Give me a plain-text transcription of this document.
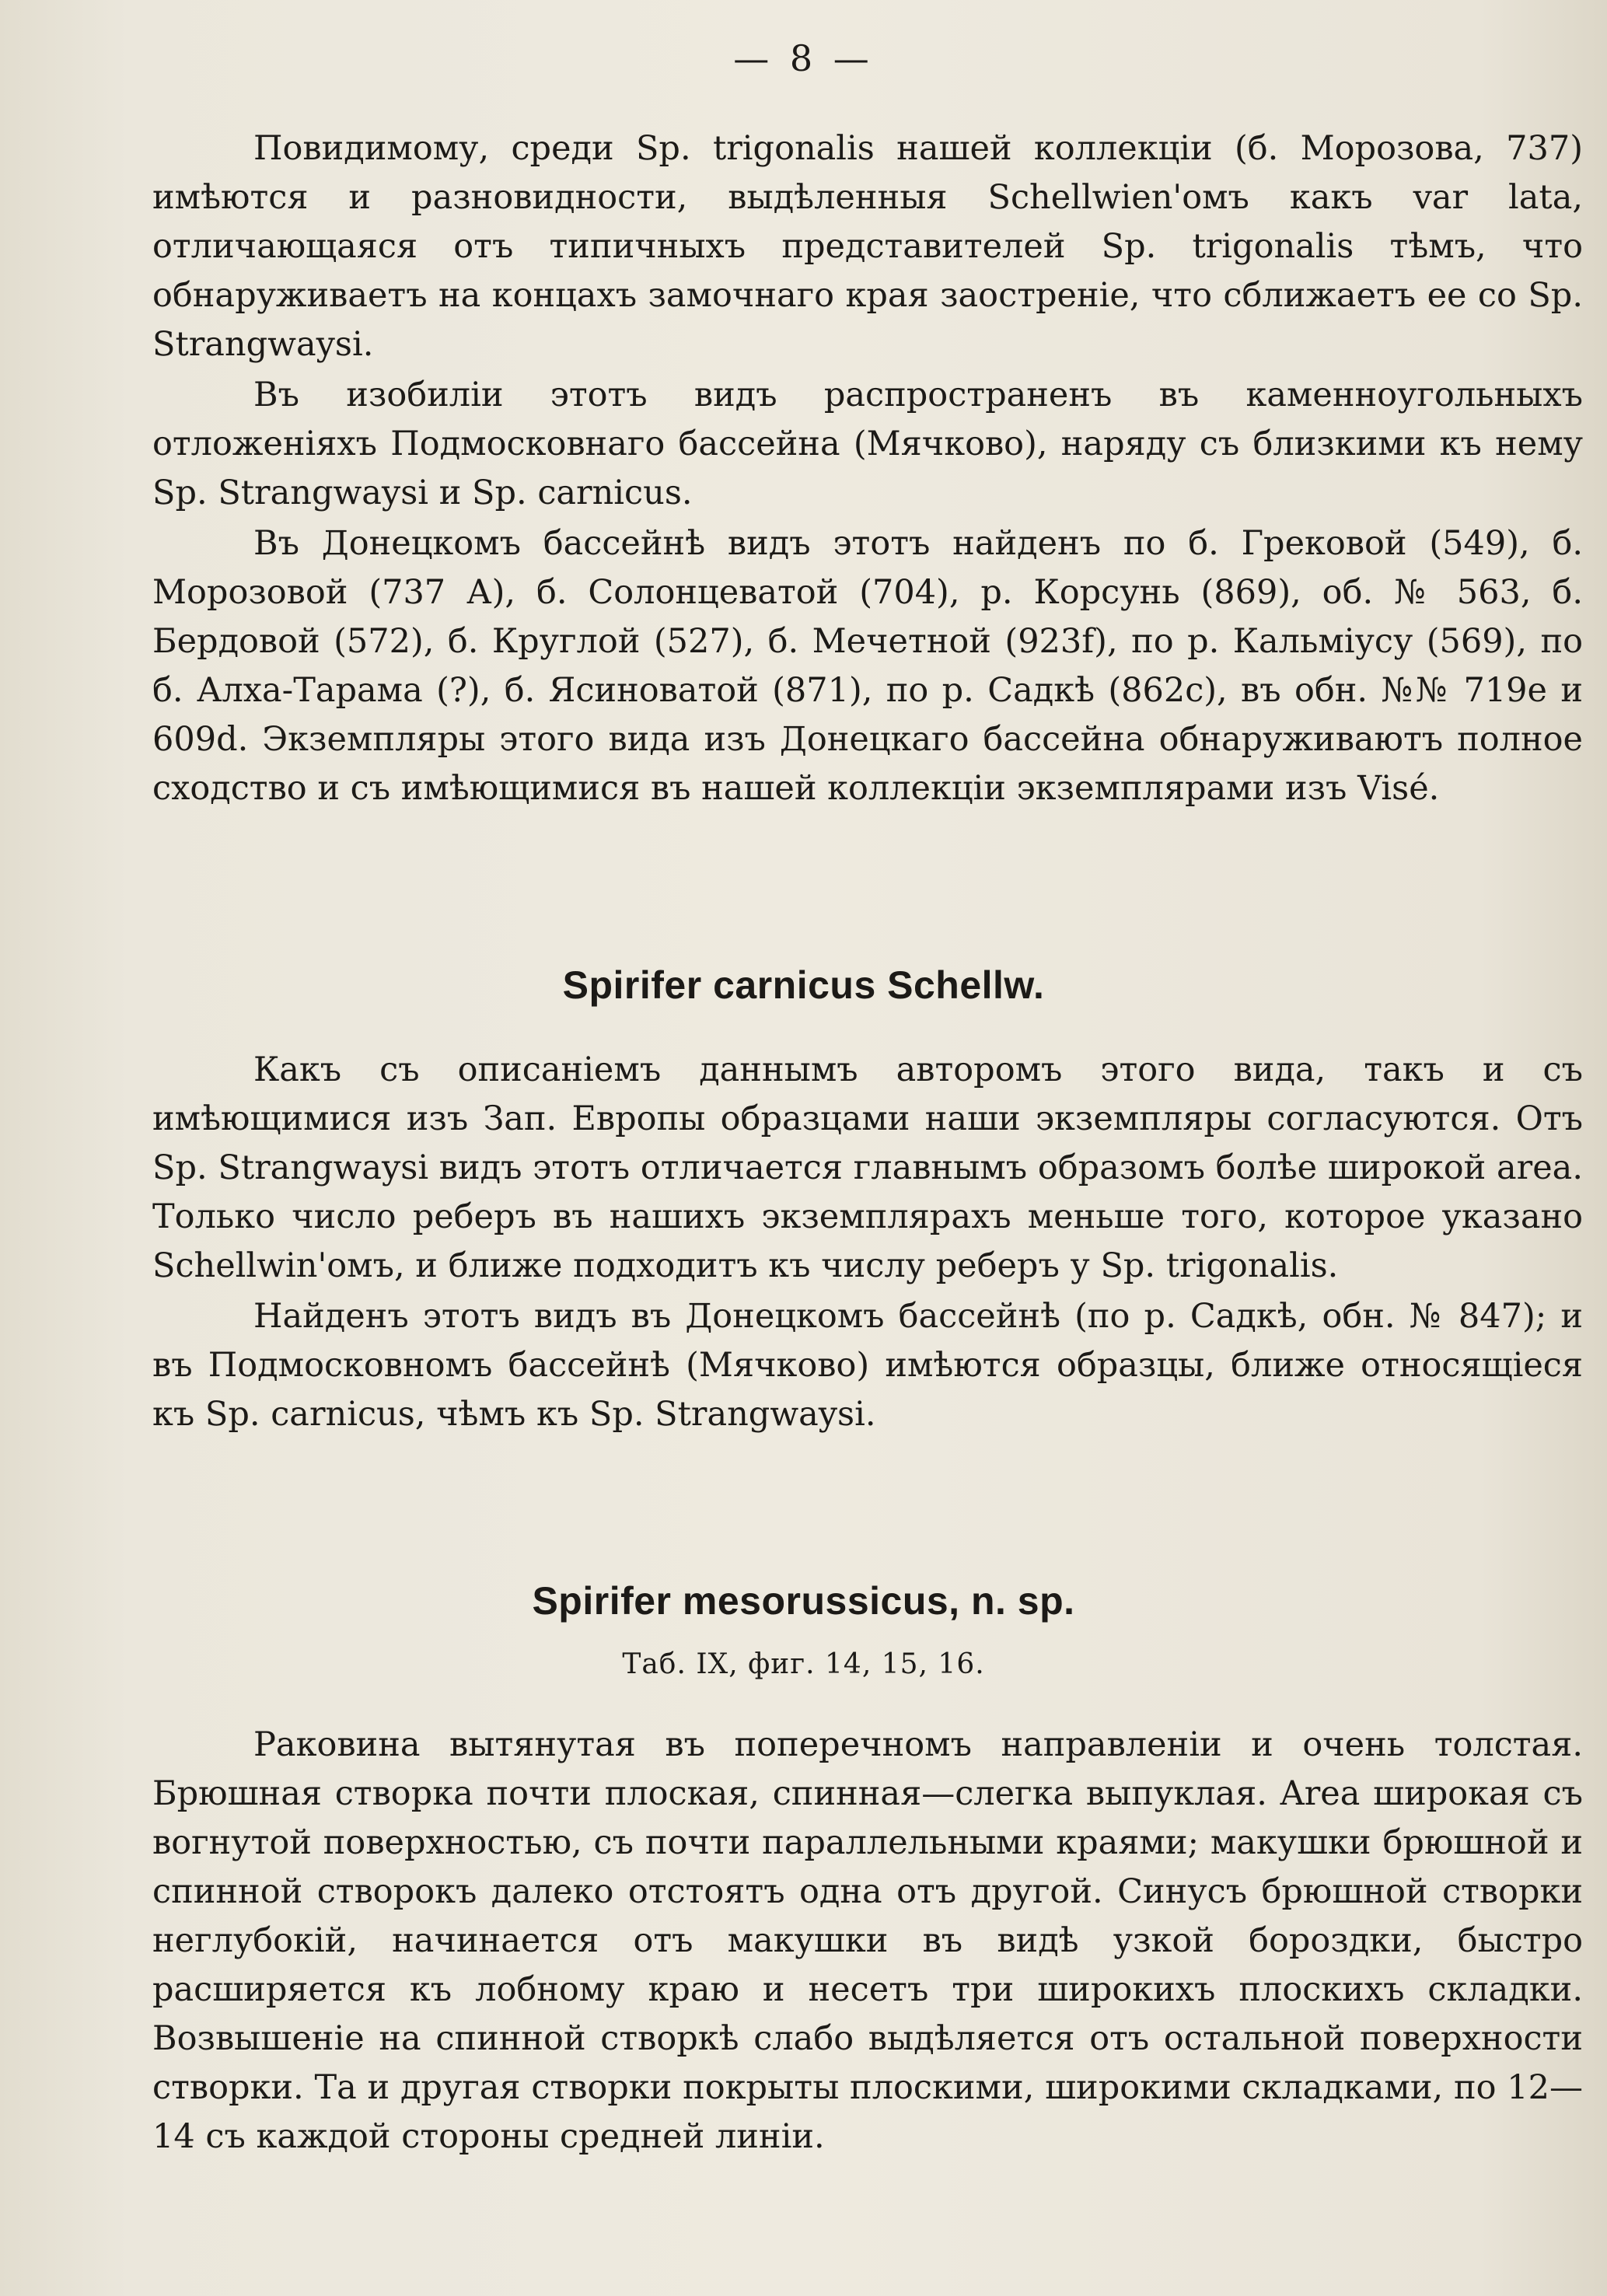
— 8 —

Повидимому, среди Sp. trigonalis нашей коллекціи (б. Морозова, 737) имѣются и разновидности, выдѣленныя Schellwien'омъ какъ var lata, отличающаяся отъ типичныхъ представителей Sp. trigonalis тѣмъ, что обнаруживаетъ на концахъ замочнаго края заостреніе, что сближаетъ ее со Sp. Strangwaysi.

Въ изобиліи этотъ видъ распространенъ въ каменноугольныхъ отложеніяхъ Подмосковнаго бассейна (Мячково), наряду съ близкими къ нему Sp. Strangwaysi и Sp. carnicus.

Въ Донецкомъ бассейнѣ видъ этотъ найденъ по б. Грековой (549), б. Морозовой (737 А), б. Солонцеватой (704), р. Корсунь (869), об. № 563, б. Бердовой (572), б. Круглой (527), б. Мечетной (923f), по р. Кальміусу (569), по б. Алха-Тарама (?), б. Ясиноватой (871), по р. Садкѣ (862с), въ обн. №№ 719е и 609d. Экземпляры этого вида изъ Донецкаго бассейна обнаруживаютъ полное сходство и съ имѣющимися въ нашей коллекціи экземплярами изъ Visé.

Spirifer carnicus Schellw.

Какъ съ описаніемъ даннымъ авторомъ этого вида, такъ и съ имѣющимися изъ Зап. Европы образцами наши экземпляры согласуются. Отъ Sp. Strangwaysi видъ этотъ отличается главнымъ образомъ болѣе широкой area. Только число реберъ въ нашихъ экземплярахъ меньше того, которое указано Schellwin'омъ, и ближе подходитъ къ числу реберъ у Sp. trigonalis.

Найденъ этотъ видъ въ Донецкомъ бассейнѣ (по р. Садкѣ, обн. № 847); и въ Подмосковномъ бассейнѣ (Мячково) имѣются образцы, ближе относящіеся къ Sp. carnicus, чѣмъ къ Sp. Strangwaysi.

Spirifer mesorussicus, n. sp.
Таб. IX, фиг. 14, 15, 16.

Раковина вытянутая въ поперечномъ направленіи и очень толстая. Брюшная створка почти плоская, спинная—слегка выпуклая. Area широкая съ вогнутой поверхностью, съ почти параллельными краями; макушки брюшной и спинной створокъ далеко отстоятъ одна отъ другой. Синусъ брюшной створки неглубокій, начинается отъ макушки въ видѣ узкой бороздки, быстро расширяется къ лобному краю и несетъ три широкихъ плоскихъ складки. Возвышеніе на спинной створкѣ слабо выдѣляется отъ остальной поверхности створки. Та и другая створки покрыты плоскими, широкими складками, по 12—14 съ каждой стороны средней линіи.
